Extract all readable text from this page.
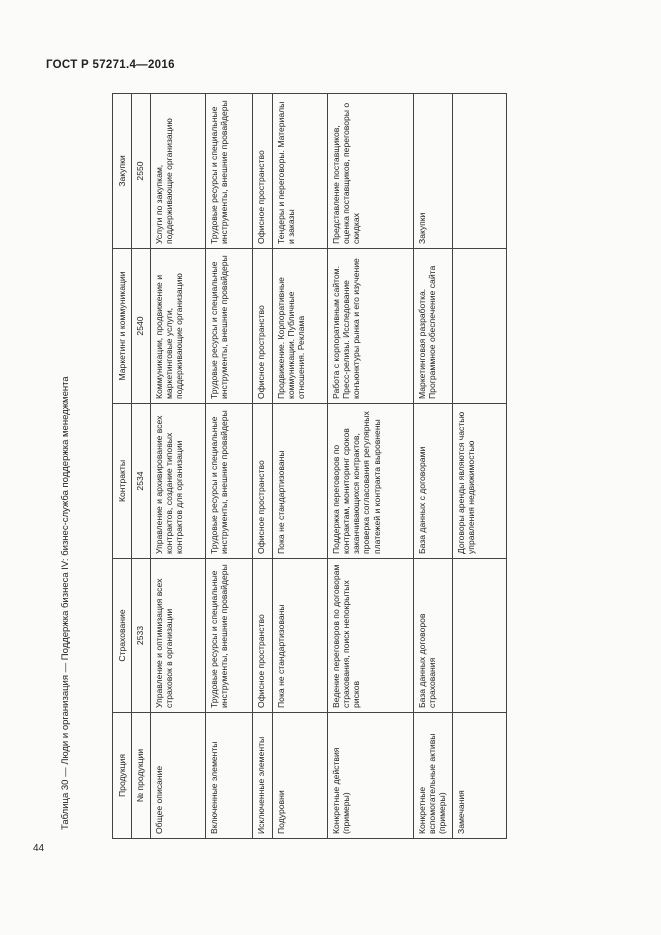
ГОСТ Р 57271.4—2016
44
Таблица 30 — Люди и организация — Поддержка бизнеса IV: бизнес-служба поддержка менеджмента	Продукция	Страхование	Контракты	Маркетинг и коммуникации	Закупки
№ продукции	2533	2534	2540	2550
Общее описание	Управление и оптимизация всех страховок в организации	Управление и архивирование всех контрактов, создание типовых контрактов для организации	Коммуникации, продвижение и маркетинговые услуги, поддерживающие организацию	Услуги по закупкам, поддерживающие организацию
Включенные элементы	Трудовые ресурсы и специальные инструменты, внешние провайдеры	Трудовые ресурсы и специальные инструменты, внешние провайдеры	Трудовые ресурсы и специальные инструменты, внешние провайдеры	Трудовые ресурсы и специальные инструменты, внешние провайдеры
Исключенные элементы	Офисное пространство	Офисное пространство	Офисное пространство	Офисное пространство
Подуровни	Пока не стандартизованы	Пока не стандартизованы	Продвижение. Корпоративные коммуникации. Публичные отношения. Реклама	Тендеры и переговоры. Материалы и заказы
Конкретные действия (примеры)	Ведение переговоров по договорам страхования, поиск непокрытых рисков	Поддержка переговоров по контрактам, мониторинг сроков заканчивающихся контрактов, проверка согласования регулярных платежей и контракта выровнены	Работа с корпоративным сайтом. Пресс-релизы. Исследование конъюнктуры рынка и его изучение	Представление поставщиков, оценка поставщиков, переговоры о скидках
Конкретные вспомогательные активы (примеры)	База данных договоров страхования	База данных с договорами	Маркетинговая разработка. Программное обеспечение сайта	Закупки
Замечания		Договоры аренды являются частью управления недвижимостью		
